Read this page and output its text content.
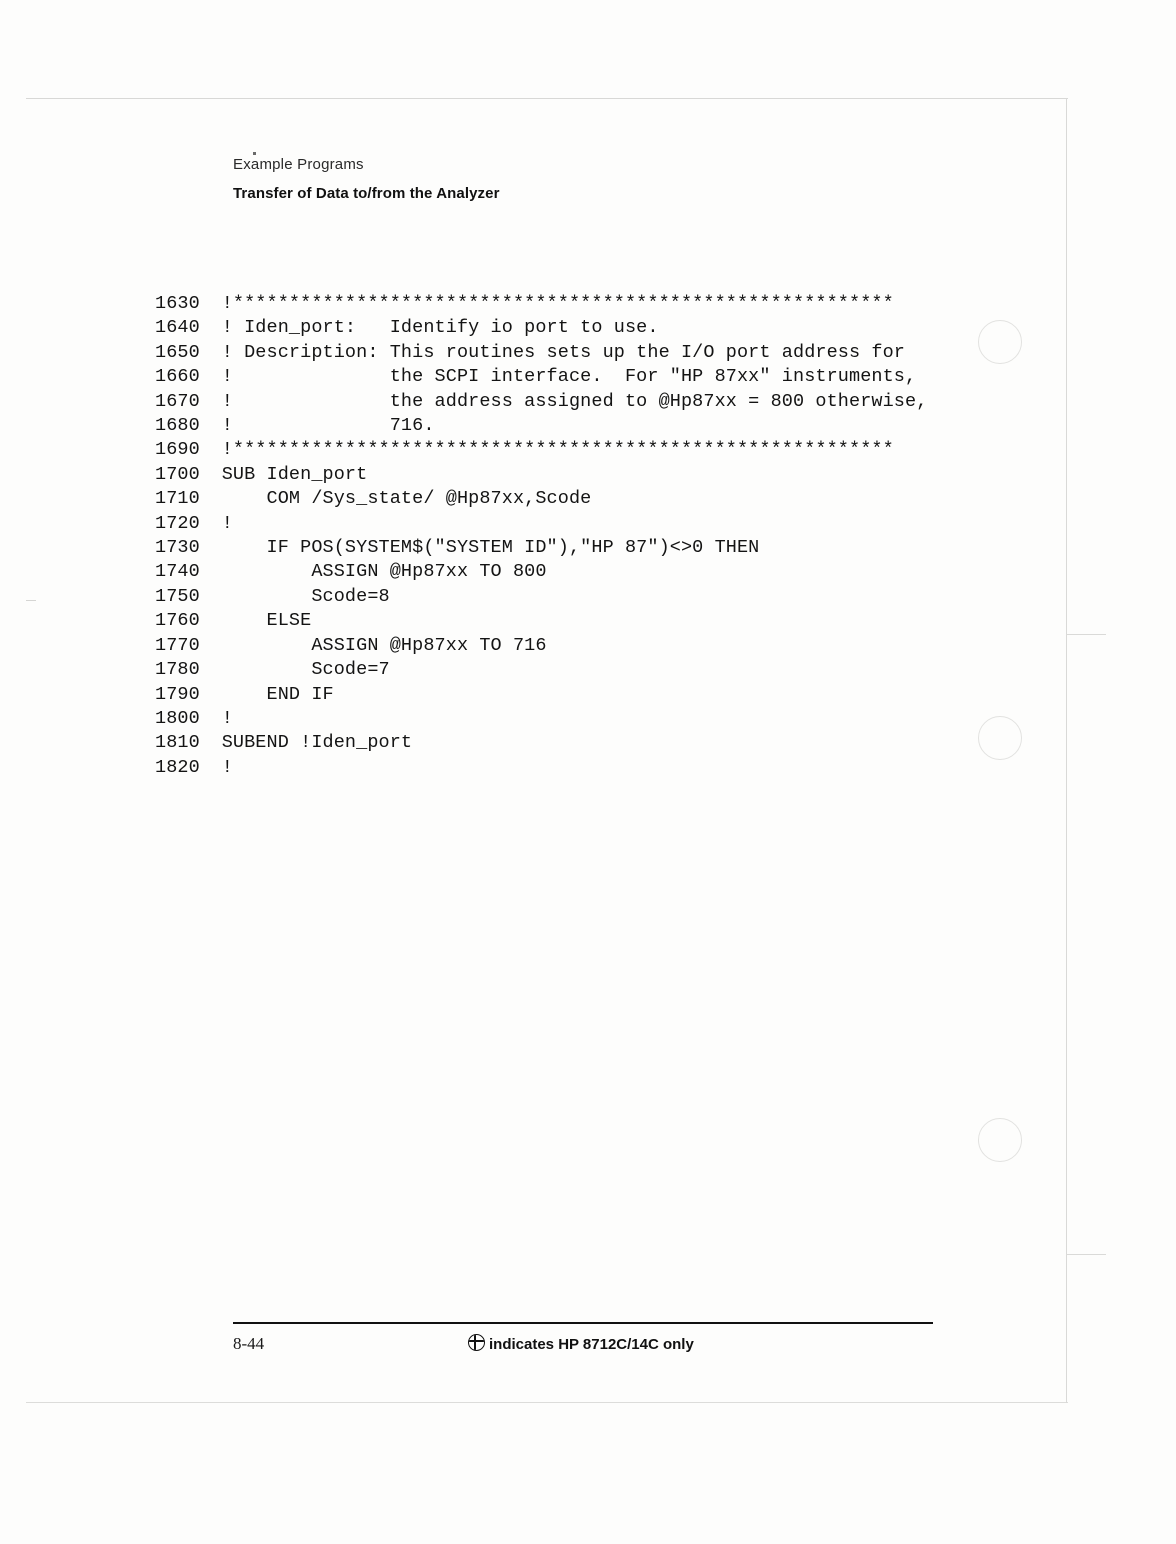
Example Programs
Transfer of Data to/from the Analyzer
1630 !***********************************************************
1640 ! Iden_port:   Identify io port to use.
1650 ! Description: This routines sets up the I/O port address for
1660 !              the SCPI interface.  For "HP 87xx" instruments,
1670 !              the address assigned to @Hp87xx = 800 otherwise,
1680 !              716.
1690 !***********************************************************
1700 SUB Iden_port
1710     COM /Sys_state/ @Hp87xx,Scode
1720 !
1730     IF POS(SYSTEM$("SYSTEM ID"),"HP 87")<>0 THEN
1740         ASSIGN @Hp87xx TO 800
1750         Scode=8
1760     ELSE
1770         ASSIGN @Hp87xx TO 716
1780         Scode=7
1790     END IF
1800 !
1810 SUBEND !Iden_port
1820 !
8-44	indicates HP 8712C/14C only
